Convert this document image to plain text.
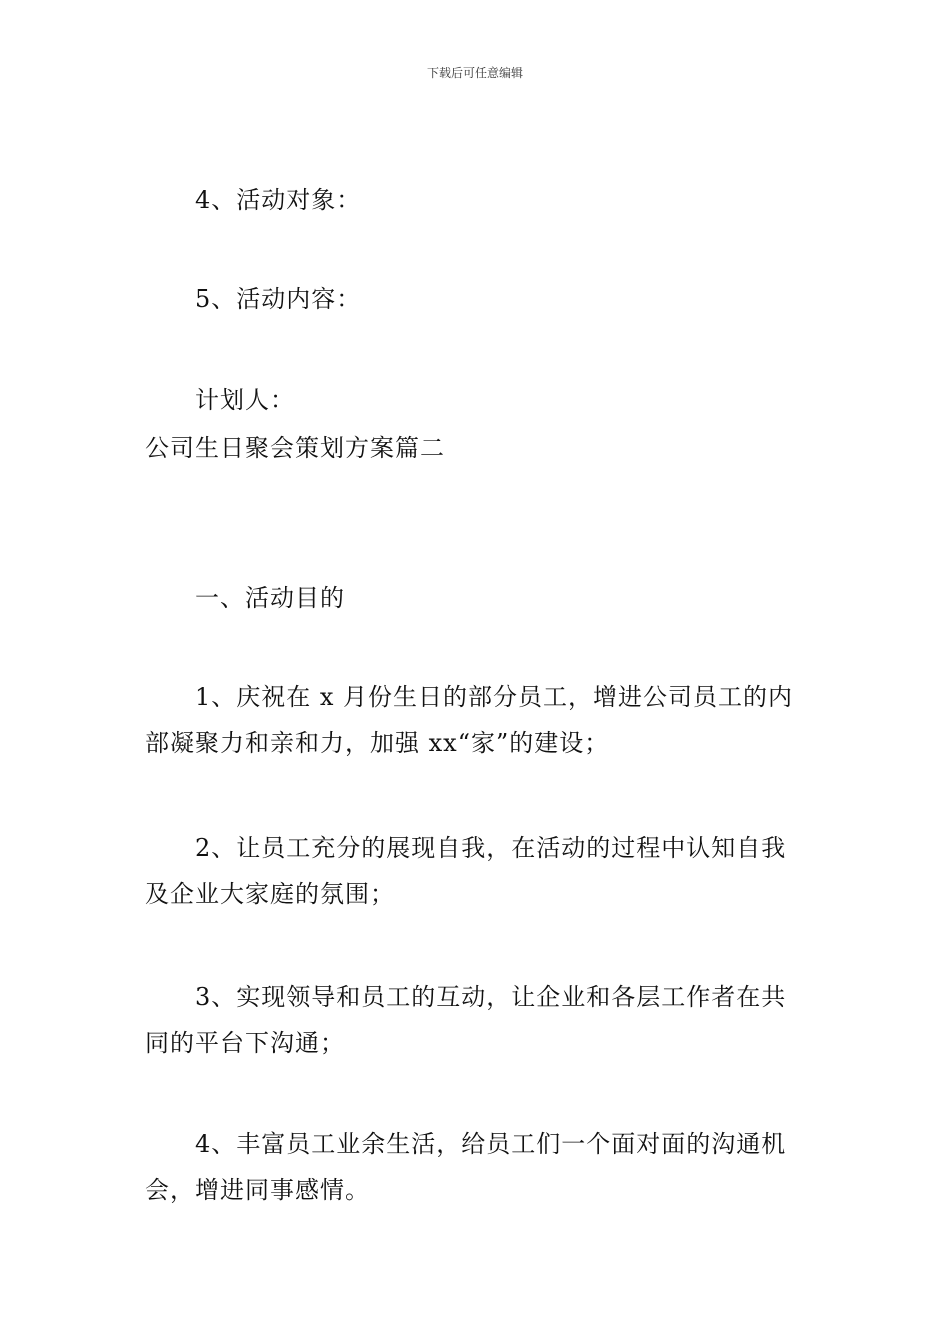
下载后可任意编辑

4、活动对象：

5、活动内容：

计划人：

公司生日聚会策划方案篇二

一、活动目的

1、庆祝在 x 月份生日的部分员工，增进公司员工的内

部凝聚力和亲和力，加强 xx“家”的建设；

2、让员工充分的展现自我，在活动的过程中认知自我

及企业大家庭的氛围；

3、实现领导和员工的互动，让企业和各层工作者在共

同的平台下沟通；

4、丰富员工业余生活，给员工们一个面对面的沟通机

会，增进同事感情。
